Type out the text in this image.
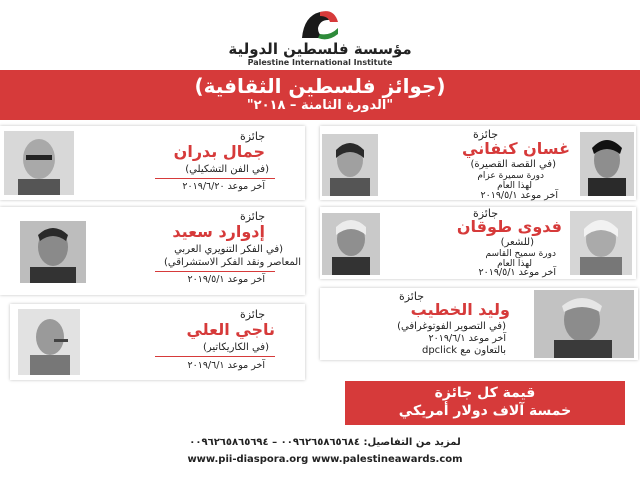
مؤسسة فلسطين الدولية
Palestine International Institute
(جوائز فلسطين الثقافية)
"الدورة الثامنة – ٢٠١٨"
جائزة
جمال بدران
(في الفن التشكيلي)
آخر موعد ٢٠١٩/٦/٢٠
جائزة
إدوارد سعيد
(في الفكر التنويري العربي
المعاصر ونقد الفكر الاستشراقي)
آخر موعد ٢٠١٩/٥/١
جائزة
ناجي العلي
(في الكاريكاتير)
آخر موعد ٢٠١٩/٦/١
جائزة
غسان كنفاني
(في القصة القصيرة)
دورة سميرة عزام
لهذا العام
آخر موعد ٢٠١٩/٥/١
جائزة
فدوى طوقان
(للشعر)
دورة سميح القاسم
لهذا العام
آخر موعد ٢٠١٩/٥/١
جائزة
وليد الخطيب
(في التصوير الفوتوغرافي)
آخر موعد ٢٠١٩/٦/١
بالتعاون مع dpclick
قيمة كل جائزة
خمسة آلاف دولار أمريكي
لمزيد من التفاصيل: ٠٠٩٦٢٦٥٨٦٥٦٨٤ – ٠٠٩٦٢٦٥٨٦٥٦٩٤
www.pii-diaspora.org www.palestineawards.com
